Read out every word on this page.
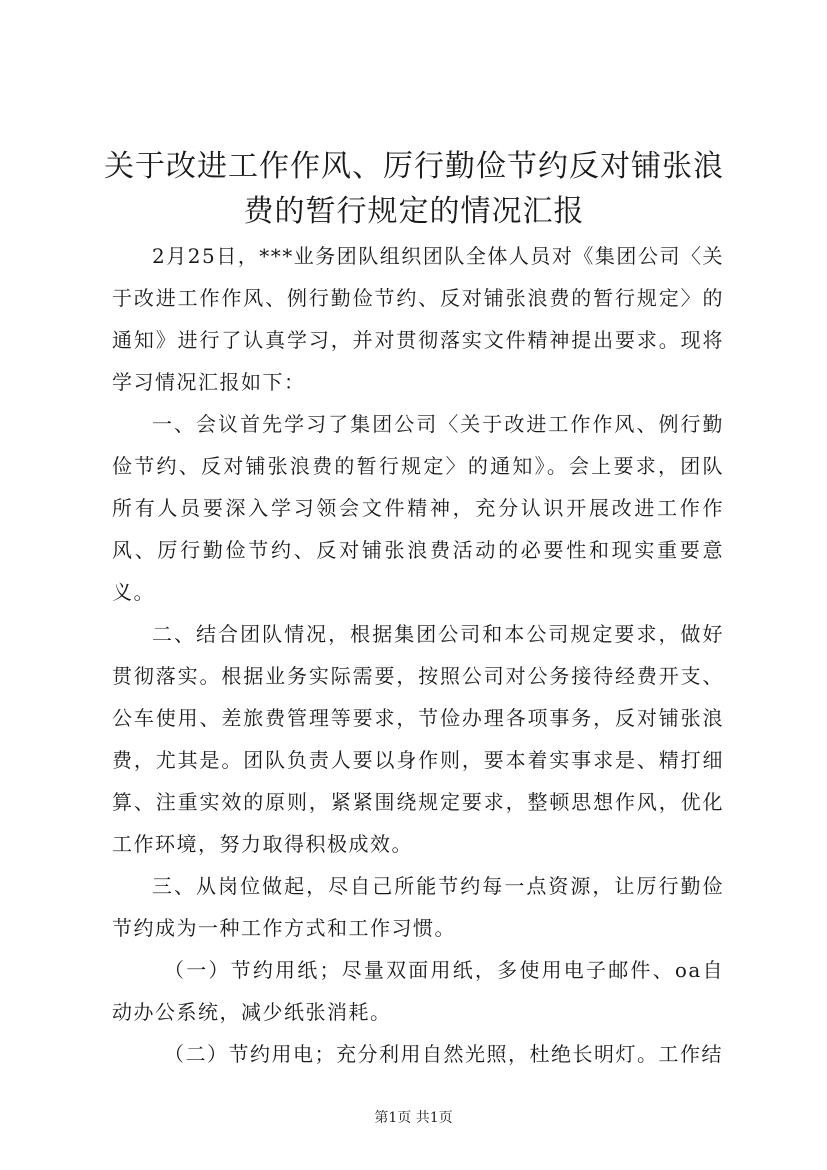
关于改进工作作风、厉行勤俭节约反对铺张浪
费的暂行规定的情况汇报

2月25日，***业务团队组织团队全体人员对《集团公司〈关于改进工作作风、例行勤俭节约、反对铺张浪费的暂行规定〉的通知》进行了认真学习，并对贯彻落实文件精神提出要求。现将学习情况汇报如下：

一、会议首先学习了集团公司〈关于改进工作作风、例行勤俭节约、反对铺张浪费的暂行规定〉的通知》。会上要求，团队所有人员要深入学习领会文件精神，充分认识开展改进工作作风、厉行勤俭节约、反对铺张浪费活动的必要性和现实重要意义。

二、结合团队情况，根据集团公司和本公司规定要求，做好贯彻落实。根据业务实际需要，按照公司对公务接待经费开支、公车使用、差旅费管理等要求，节俭办理各项事务，反对铺张浪费，尤其是。团队负责人要以身作则，要本着实事求是、精打细算、注重实效的原则，紧紧围绕规定要求，整顿思想作风，优化工作环境，努力取得积极成效。

三、从岗位做起，尽自己所能节约每一点资源，让厉行勤俭节约成为一种工作方式和工作习惯。

（一）节约用纸；尽量双面用纸，多使用电子邮件、oa自动办公系统，减少纸张消耗。

（二）节约用电；充分利用自然光照，杜绝长明灯。工作结

第1页 共1页
